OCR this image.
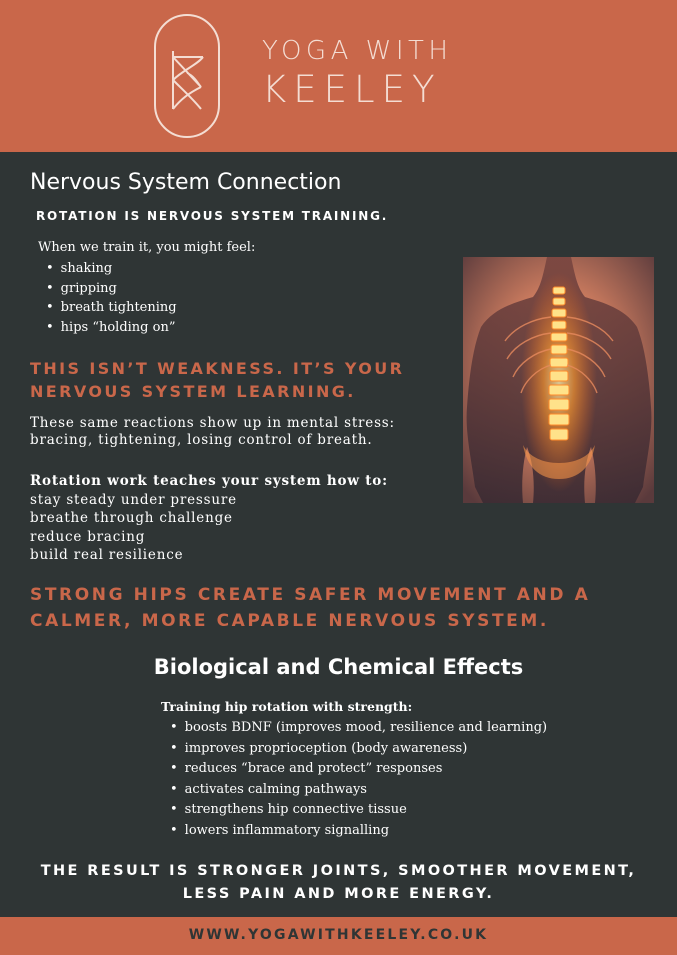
YOGA WITH
KEELEY
Nervous System Connection
ROTATION IS NERVOUS SYSTEM TRAINING.
When we train it, you might feel:
• shaking
• gripping
• breath tightening
• hips “holding on”
THIS ISN’T WEAKNESS. IT’S YOUR
NERVOUS SYSTEM LEARNING.
These same reactions show up in mental stress:
bracing, tightening, losing control of breath.
Rotation work teaches your system how to:
stay steady under pressure
breathe through challenge
reduce bracing
build real resilience
STRONG HIPS CREATE SAFER MOVEMENT AND A
CALMER, MORE CAPABLE NERVOUS SYSTEM.
Biological and Chemical Effects
Training hip rotation with strength:
• boosts BDNF (improves mood, resilience and learning)
• improves proprioception (body awareness)
• reduces “brace and protect” responses
• activates calming pathways
• strengthens hip connective tissue
• lowers inflammatory signalling
THE RESULT IS STRONGER JOINTS, SMOOTHER MOVEMENT,
LESS PAIN AND MORE ENERGY.
WWW.YOGAWITHKEELEY.CO.UK
